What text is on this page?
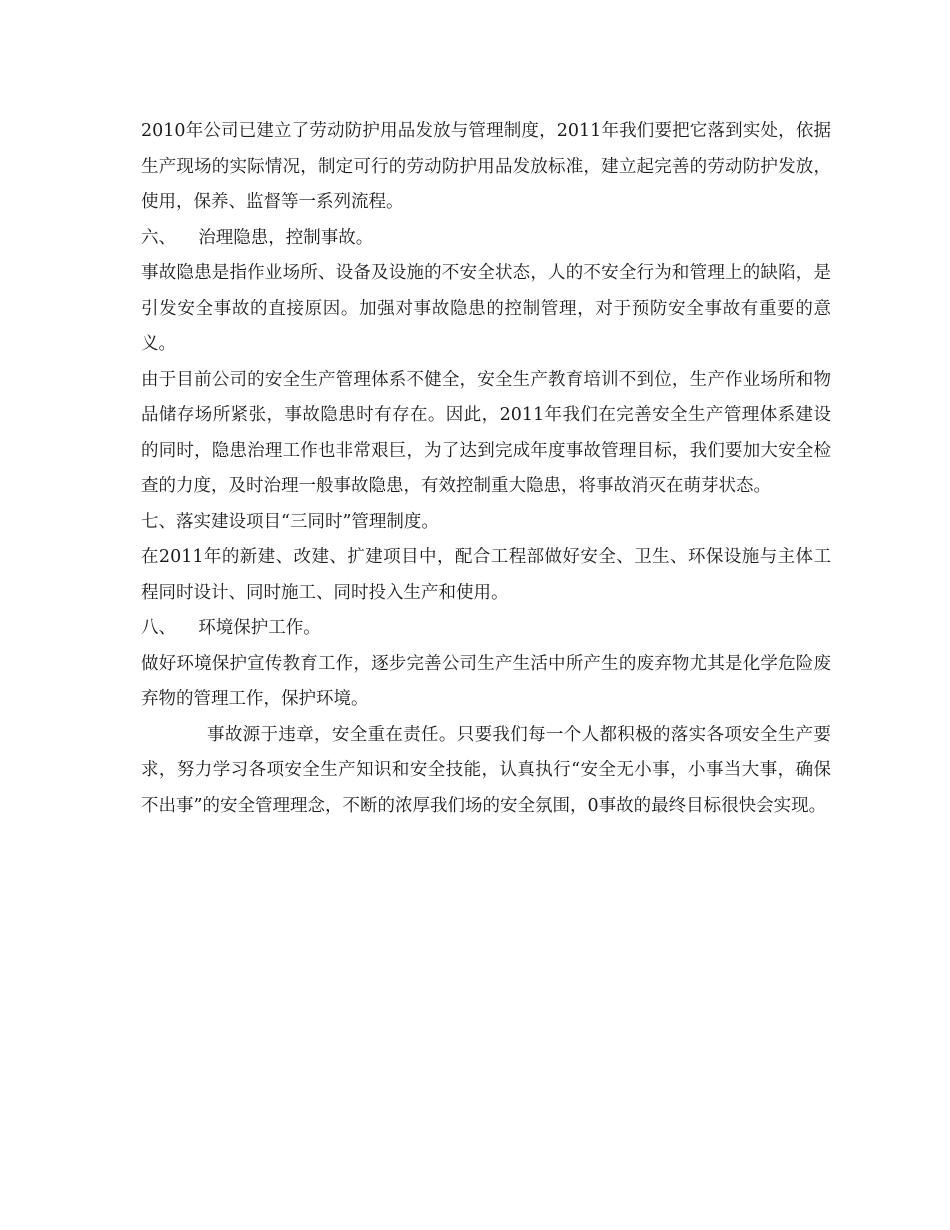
2010年公司已建立了劳动防护用品发放与管理制度，2011年我们要把它落到实处，依据生产现场的实际情况，制定可行的劳动防护用品发放标准，建立起完善的劳动防护发放，使用，保养、监督等一系列流程。

六、    治理隐患，控制事故。

事故隐患是指作业场所、设备及设施的不安全状态，人的不安全行为和管理上的缺陷，是引发安全事故的直接原因。加强对事故隐患的控制管理，对于预防安全事故有重要的意义。

由于目前公司的安全生产管理体系不健全，安全生产教育培训不到位，生产作业场所和物品储存场所紧张，事故隐患时有存在。因此，2011年我们在完善安全生产管理体系建设的同时，隐患治理工作也非常艰巨，为了达到完成年度事故管理目标，我们要加大安全检查的力度，及时治理一般事故隐患，有效控制重大隐患，将事故消灭在萌芽状态。

七、落实建设项目“三同时”管理制度。

在2011年的新建、改建、扩建项目中，配合工程部做好安全、卫生、环保设施与主体工程同时设计、同时施工、同时投入生产和使用。

八、    环境保护工作。

做好环境保护宣传教育工作，逐步完善公司生产生活中所产生的废弃物尤其是化学危险废弃物的管理工作，保护环境。

事故源于违章，安全重在责任。只要我们每一个人都积极的落实各项安全生产要求，努力学习各项安全生产知识和安全技能，认真执行“安全无小事，小事当大事，确保不出事”的安全管理理念，不断的浓厚我们场的安全氛围，0事故的最终目标很快会实现。
